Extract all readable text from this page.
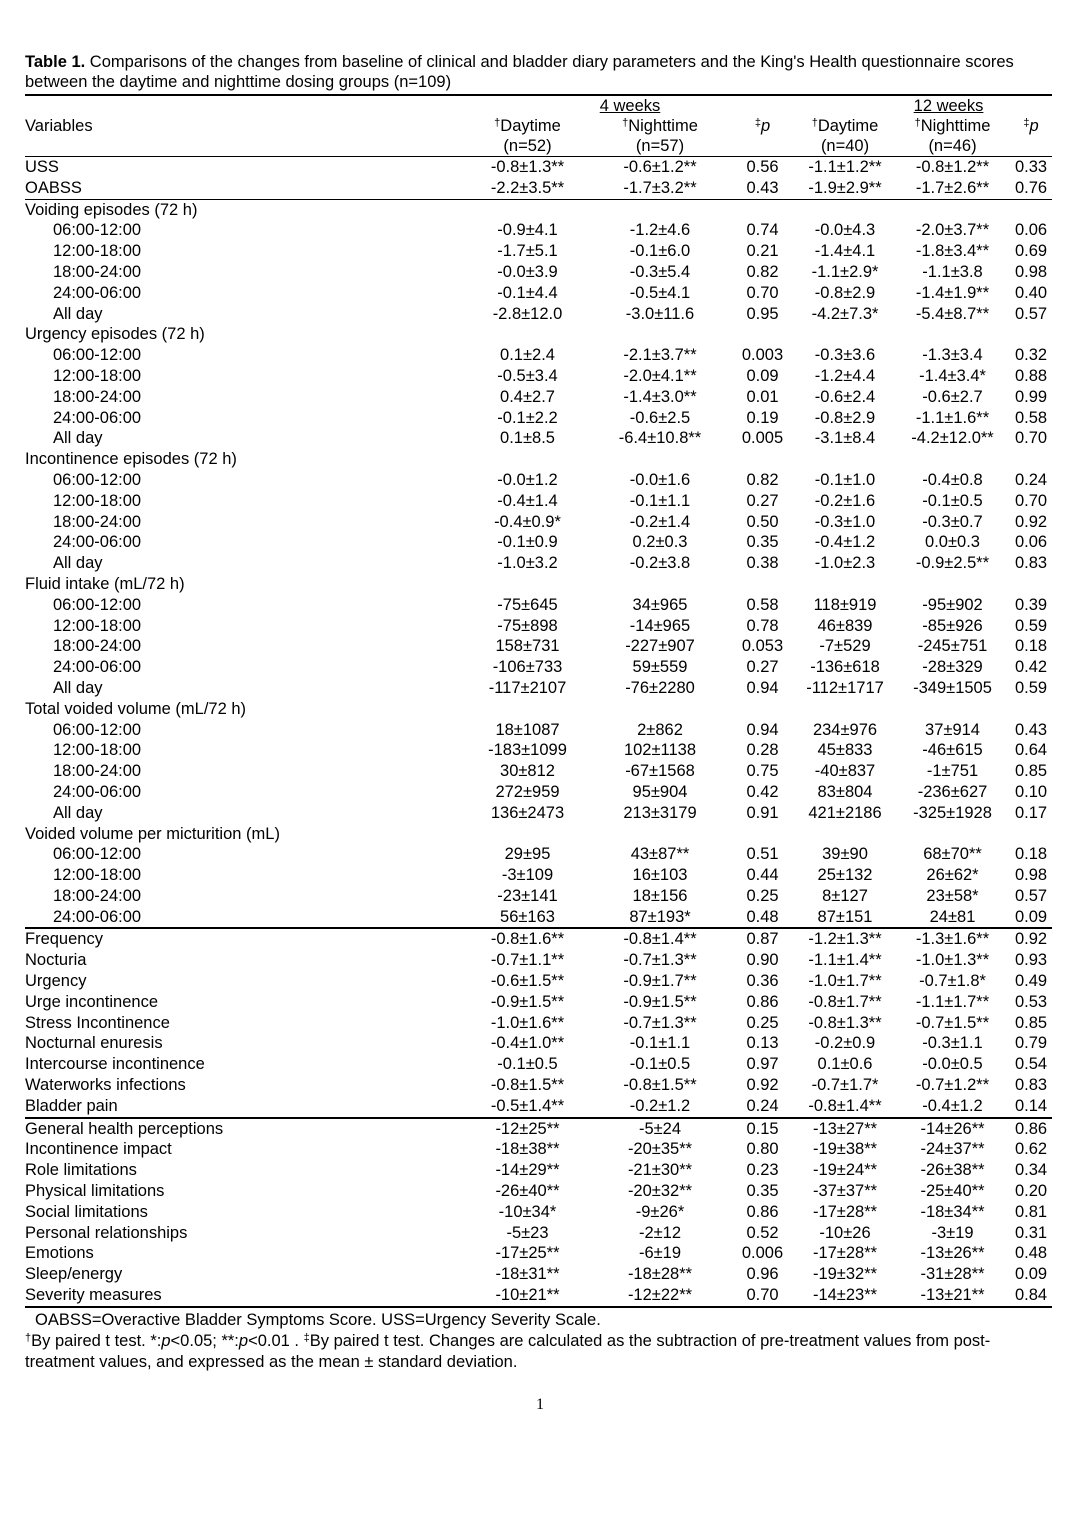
Table 1. Comparisons of the changes from baseline of clinical and bladder diary parameters and the King's Health questionnaire scores between the daytime and nighttime dosing groups (n=109)

	4 weeks			12 weeks		
Variables	†Daytime	†Nighttime	‡p	†Daytime	†Nighttime	‡p
	(n=52)	(n=57)		(n=40)	(n=46)	
USS	-0.8±1.3**	-0.6±1.2**	0.56	-1.1±1.2**	-0.8±1.2**	0.33
OABSS	-2.2±3.5**	-1.7±3.2**	0.43	-1.9±2.9**	-1.7±2.6**	0.76
Voiding episodes (72 h)						
06:00-12:00	-0.9±4.1	-1.2±4.6	0.74	-0.0±4.3	-2.0±3.7**	0.06
12:00-18:00	-1.7±5.1	-0.1±6.0	0.21	-1.4±4.1	-1.8±3.4**	0.69
18:00-24:00	-0.0±3.9	-0.3±5.4	0.82	-1.1±2.9*	-1.1±3.8	0.98
24:00-06:00	-0.1±4.4	-0.5±4.1	0.70	-0.8±2.9	-1.4±1.9**	0.40
All day	-2.8±12.0	-3.0±11.6	0.95	-4.2±7.3*	-5.4±8.7**	0.57
Urgency episodes (72 h)						
06:00-12:00	0.1±2.4	-2.1±3.7**	0.003	-0.3±3.6	-1.3±3.4	0.32
12:00-18:00	-0.5±3.4	-2.0±4.1**	0.09	-1.2±4.4	-1.4±3.4*	0.88
18:00-24:00	0.4±2.7	-1.4±3.0**	0.01	-0.6±2.4	-0.6±2.7	0.99
24:00-06:00	-0.1±2.2	-0.6±2.5	0.19	-0.8±2.9	-1.1±1.6**	0.58
All day	0.1±8.5	-6.4±10.8**	0.005	-3.1±8.4	-4.2±12.0**	0.70
Incontinence episodes (72 h)						
06:00-12:00	-0.0±1.2	-0.0±1.6	0.82	-0.1±1.0	-0.4±0.8	0.24
12:00-18:00	-0.4±1.4	-0.1±1.1	0.27	-0.2±1.6	-0.1±0.5	0.70
18:00-24:00	-0.4±0.9*	-0.2±1.4	0.50	-0.3±1.0	-0.3±0.7	0.92
24:00-06:00	-0.1±0.9	0.2±0.3	0.35	-0.4±1.2	0.0±0.3	0.06
All day	-1.0±3.2	-0.2±3.8	0.38	-1.0±2.3	-0.9±2.5**	0.83
Fluid intake (mL/72 h)						
06:00-12:00	-75±645	34±965	0.58	118±919	-95±902	0.39
12:00-18:00	-75±898	-14±965	0.78	46±839	-85±926	0.59
18:00-24:00	158±731	-227±907	0.053	-7±529	-245±751	0.18
24:00-06:00	-106±733	59±559	0.27	-136±618	-28±329	0.42
All day	-117±2107	-76±2280	0.94	-112±1717	-349±1505	0.59
Total voided volume (mL/72 h)						
06:00-12:00	18±1087	2±862	0.94	234±976	37±914	0.43
12:00-18:00	-183±1099	102±1138	0.28	45±833	-46±615	0.64
18:00-24:00	30±812	-67±1568	0.75	-40±837	-1±751	0.85
24:00-06:00	272±959	95±904	0.42	83±804	-236±627	0.10
All day	136±2473	213±3179	0.91	421±2186	-325±1928	0.17
Voided volume per micturition (mL)						
06:00-12:00	29±95	43±87**	0.51	39±90	68±70**	0.18
12:00-18:00	-3±109	16±103	0.44	25±132	26±62*	0.98
18:00-24:00	-23±141	18±156	0.25	8±127	23±58*	0.57
24:00-06:00	56±163	87±193*	0.48	87±151	24±81	0.09
Frequency	-0.8±1.6**	-0.8±1.4**	0.87	-1.2±1.3**	-1.3±1.6**	0.92
Nocturia	-0.7±1.1**	-0.7±1.3**	0.90	-1.1±1.4**	-1.0±1.3**	0.93
Urgency	-0.6±1.5**	-0.9±1.7**	0.36	-1.0±1.7**	-0.7±1.8*	0.49
Urge incontinence	-0.9±1.5**	-0.9±1.5**	0.86	-0.8±1.7**	-1.1±1.7**	0.53
Stress Incontinence	-1.0±1.6**	-0.7±1.3**	0.25	-0.8±1.3**	-0.7±1.5**	0.85
Nocturnal enuresis	-0.4±1.0**	-0.1±1.1	0.13	-0.2±0.9	-0.3±1.1	0.79
Intercourse incontinence	-0.1±0.5	-0.1±0.5	0.97	0.1±0.6	-0.0±0.5	0.54
Waterworks infections	-0.8±1.5**	-0.8±1.5**	0.92	-0.7±1.7*	-0.7±1.2**	0.83
Bladder pain	-0.5±1.4**	-0.2±1.2	0.24	-0.8±1.4**	-0.4±1.2	0.14
General health perceptions	-12±25**	-5±24	0.15	-13±27**	-14±26**	0.86
Incontinence impact	-18±38**	-20±35**	0.80	-19±38**	-24±37**	0.62
Role limitations	-14±29**	-21±30**	0.23	-19±24**	-26±38**	0.34
Physical limitations	-26±40**	-20±32**	0.35	-37±37**	-25±40**	0.20
Social limitations	-10±34*	-9±26*	0.86	-17±28**	-18±34**	0.81
Personal relationships	-5±23	-2±12	0.52	-10±26	-3±19	0.31
Emotions	-17±25**	-6±19	0.006	-17±28**	-13±26**	0.48
Sleep/energy	-18±31**	-18±28**	0.96	-19±32**	-31±28**	0.09
Severity measures	-10±21**	-12±22**	0.70	-14±23**	-13±21**	0.84

OABSS=Overactive Bladder Symptoms Score. USS=Urgency Severity Scale.

†By paired t test. *:p<0.05; **:p<0.01 . ‡By paired t test. Changes are calculated as the subtraction of pre-treatment values from post-treatment values, and expressed as the mean ± standard deviation.

1
